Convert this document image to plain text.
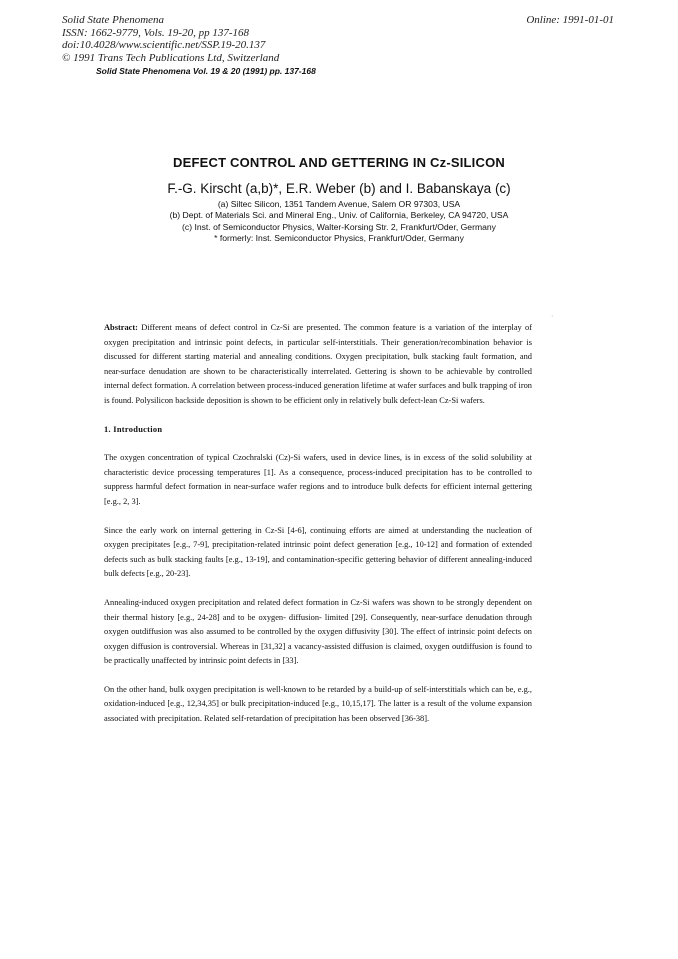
Solid State Phenomena
ISSN: 1662-9779, Vols. 19-20, pp 137-168
doi:10.4028/www.scientific.net/SSP.19-20.137
© 1991 Trans Tech Publications Ltd, Switzerland
Online: 1991-01-01
Solid State Phenomena Vol. 19 & 20 (1991) pp. 137-168
DEFECT CONTROL AND GETTERING IN Cz-SILICON
F.-G. Kirscht (a,b)*, E.R. Weber (b) and I. Babanskaya (c)
(a) Siltec Silicon, 1351 Tandem Avenue, Salem OR 97303, USA
(b) Dept. of Materials Sci. and Mineral Eng., Univ. of California, Berkeley, CA 94720, USA
(c) Inst. of Semiconductor Physics, Walter-Korsing Str. 2, Frankfurt/Oder, Germany
* formerly: Inst. Semiconductor Physics, Frankfurt/Oder, Germany
·

Abstract: Different means of defect control in Cz-Si are presented. The common feature is a variation of the interplay of oxygen precipitation and intrinsic point defects, in particular self-interstitials. Their generation/recombination behavior is discussed for different starting material and annealing conditions. Oxygen precipitation, bulk stacking fault formation, and near-surface denudation are shown to be characteristically interrelated. Gettering is shown to be achievable by controlled internal defect formation. A correlation between process-induced generation lifetime at wafer surfaces and bulk trapping of iron is found. Polysilicon backside deposition is shown to be efficient only in relatively bulk defect-lean Cz-Si wafers.

1. Introduction

The oxygen concentration of typical Czochralski (Cz)-Si wafers, used in device lines, is in excess of the solid solubility at characteristic device processing temperatures [1]. As a consequence, process-induced precipitation has to be controlled to suppress harmful defect formation in near-surface wafer regions and to introduce bulk defects for efficient internal gettering [e.g., 2, 3].

Since the early work on internal gettering in Cz-Si [4-6], continuing efforts are aimed at understanding the nucleation of oxygen precipitates [e.g., 7-9], precipitation-related intrinsic point defect generation [e.g., 10-12] and formation of extended defects such as bulk stacking faults [e.g., 13-19], and contamination-specific gettering behavior of different annealing-induced bulk defects [e.g., 20-23].

Annealing-induced oxygen precipitation and related defect formation in Cz-Si wafers was shown to be strongly dependent on their thermal history [e.g., 24-28] and to be oxygen- diffusion- limited [29]. Consequently, near-surface denudation through oxygen outdiffusion was also assumed to be controlled by the oxygen diffusivity [30]. The effect of intrinsic point defects on oxygen diffusion is controversial. Whereas in [31,32] a vacancy-assisted diffusion is claimed, oxygen outdiffusion is found to be practically unaffected by intrinsic point defects in [33].

On the other hand, bulk oxygen precipitation is well-known to be retarded by a build-up of self-interstitials which can be, e.g., oxidation-induced [e.g., 12,34,35] or bulk precipitation-induced [e.g., 10,15,17]. The latter is a result of the volume expansion associated with precipitation. Related self-retardation of precipitation has been observed [36-38].
